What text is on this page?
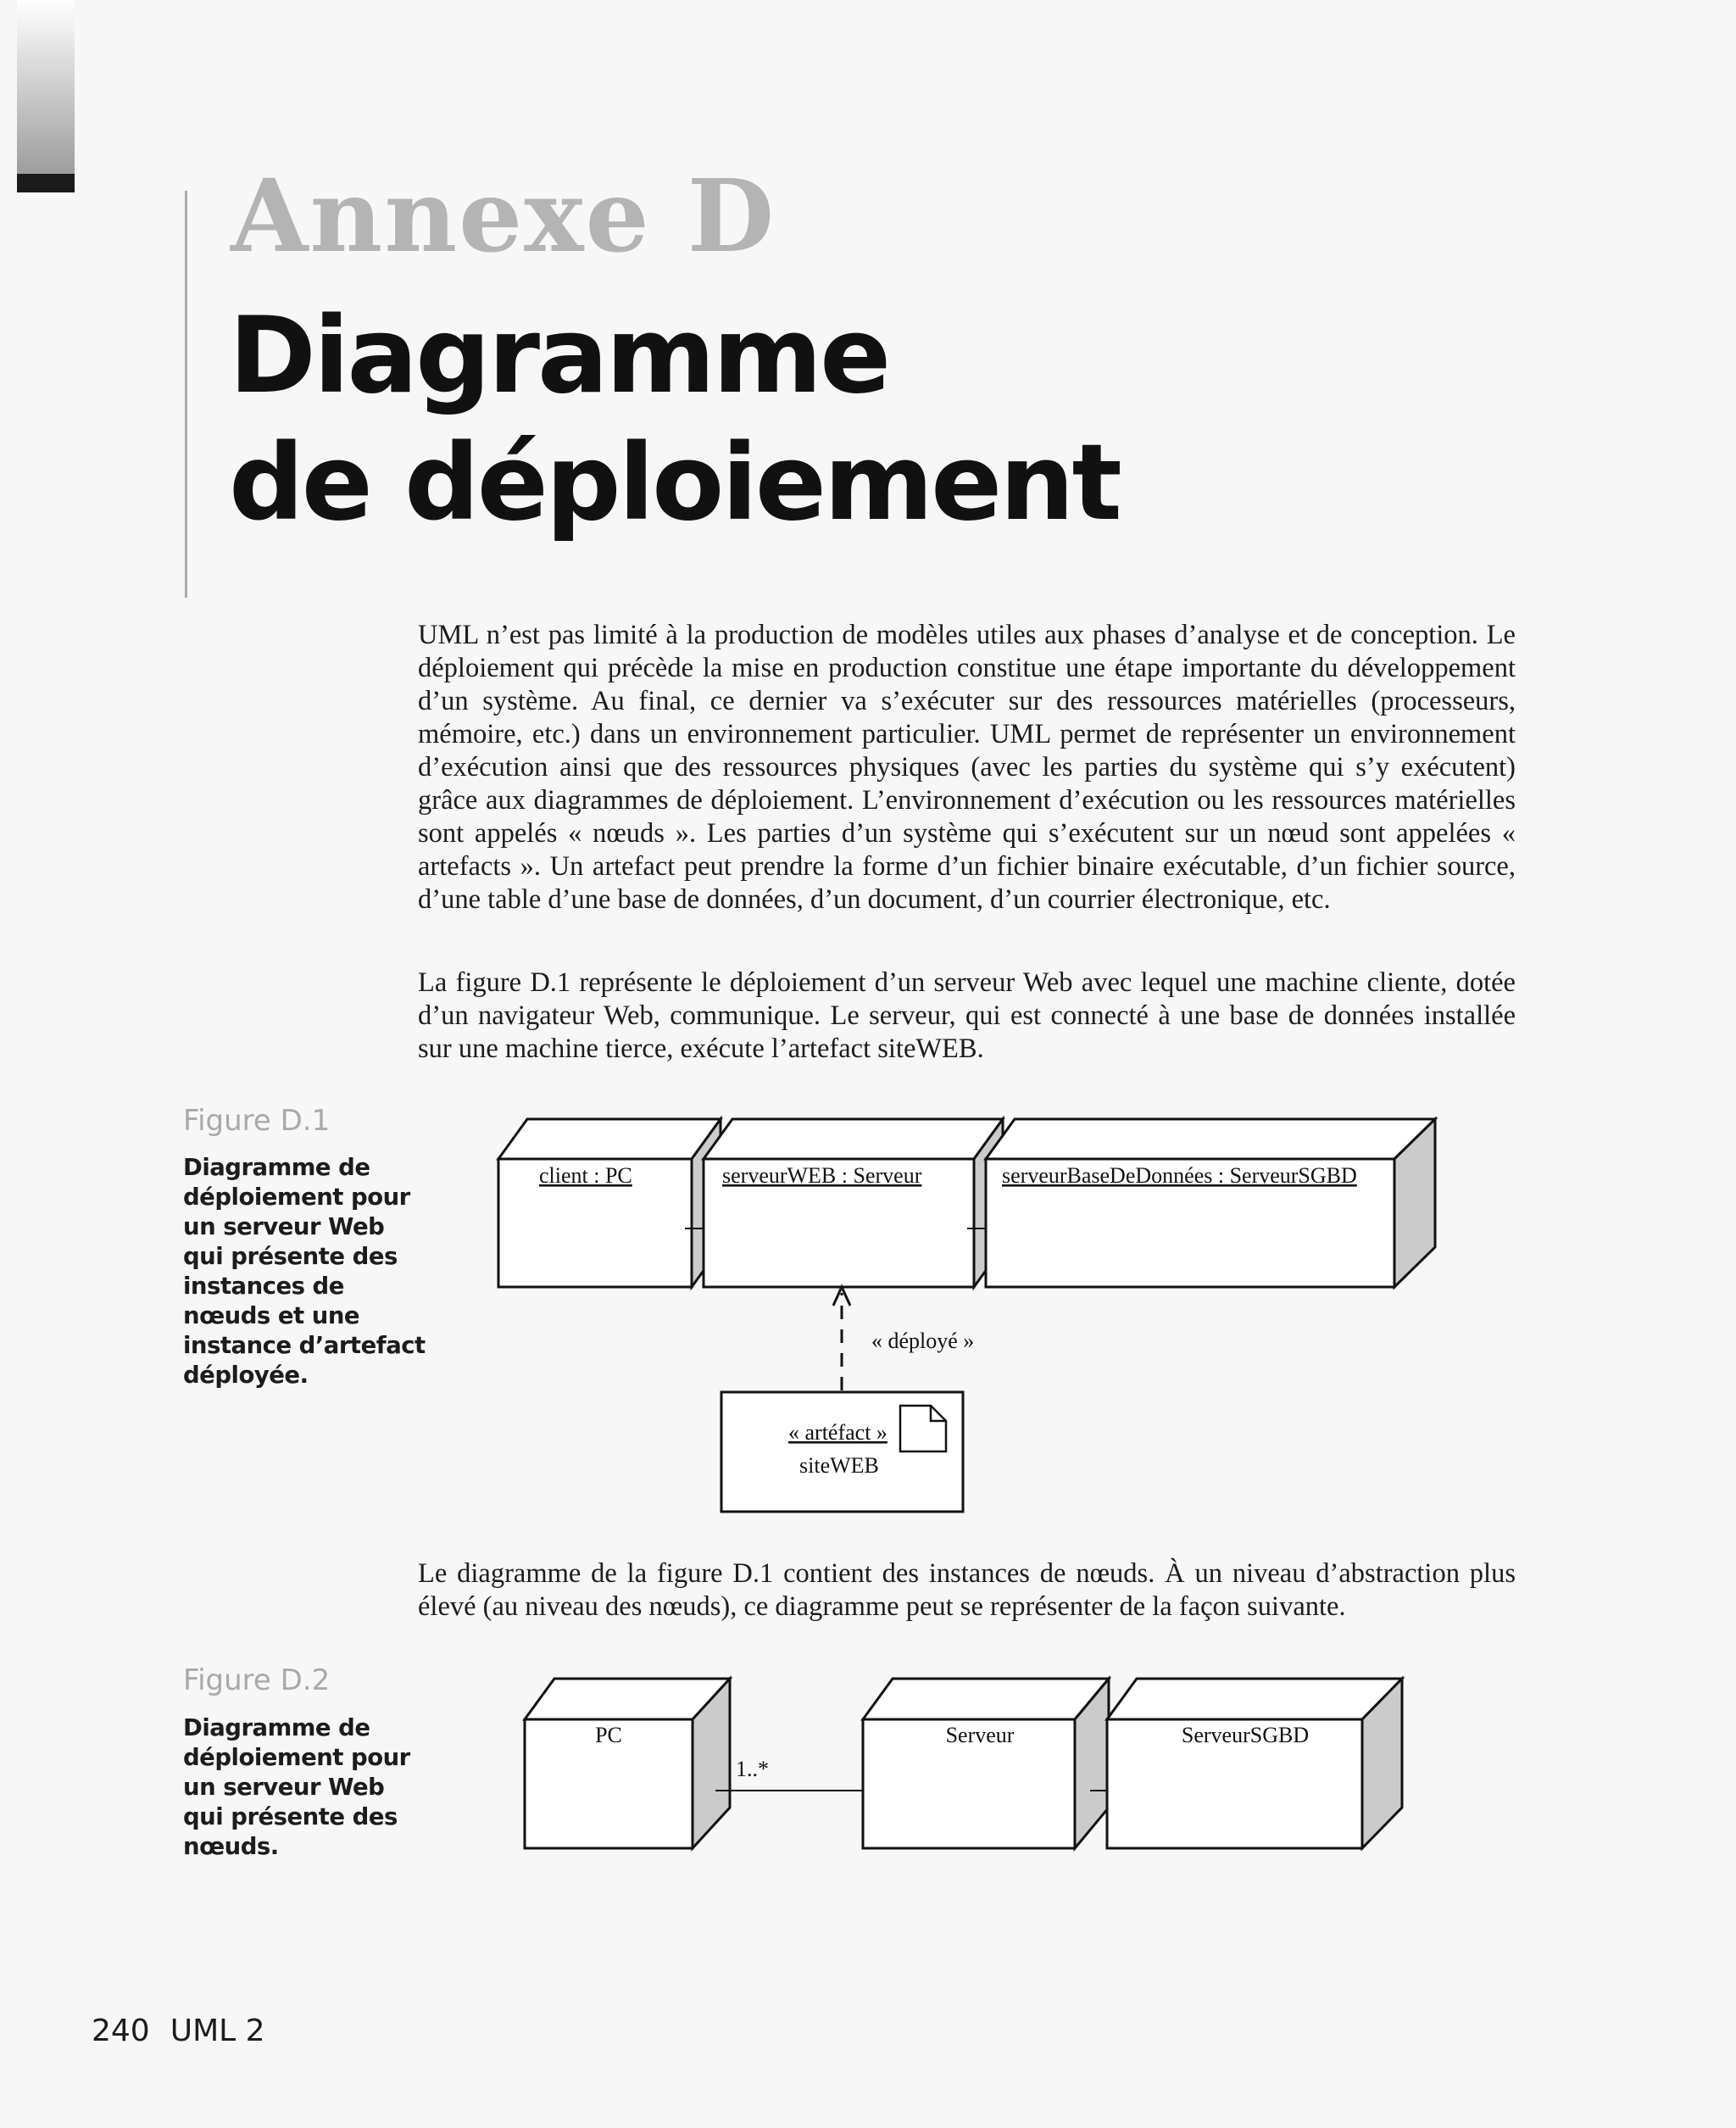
Annexe D
Diagramme
de déploiement

UML n’est pas limité à la production de modèles utiles aux phases d’analyse et de conception. Le déploiement qui précède la mise en production constitue une étape importante du développement d’un système. Au final, ce dernier va s’exécuter sur des ressources matérielles (processeurs, mémoire, etc.) dans un environnement particulier. UML permet de représenter un environnement d’exécution ainsi que des ressources physiques (avec les parties du système qui s’y exécutent) grâce aux diagrammes de déploiement. L’environnement d’exécution ou les ressources matérielles sont appelés « nœuds ». Les parties d’un système qui s’exécutent sur un nœud sont appelées « artefacts ». Un artefact peut prendre la forme d’un fichier binaire exécutable, d’un fichier source, d’une table d’une base de données, d’un document, d’un courrier électronique, etc.

La figure D.1 représente le déploiement d’un serveur Web avec lequel une machine cliente, dotée d’un navigateur Web, communique. Le serveur, qui est connecté à une base de données installée sur une machine tierce, exécute l’artefact siteWEB.

Figure D.1
Diagramme de déploiement pour un serveur Web qui présente des instances de nœuds et une instance d’artefact déployée.
client : PC	serveurWEB : Serveur	serveurBaseDeDonnées : ServeurSGBD
« déployé »
« artéfact »
siteWEB

Le diagramme de la figure D.1 contient des instances de nœuds. À un niveau d’abstraction plus élevé (au niveau des nœuds), ce diagramme peut se représenter de la façon suivante.

Figure D.2
Diagramme de déploiement pour un serveur Web qui présente des nœuds.
PC	Serveur	ServeurSGBD
1..*
240 UML 2
